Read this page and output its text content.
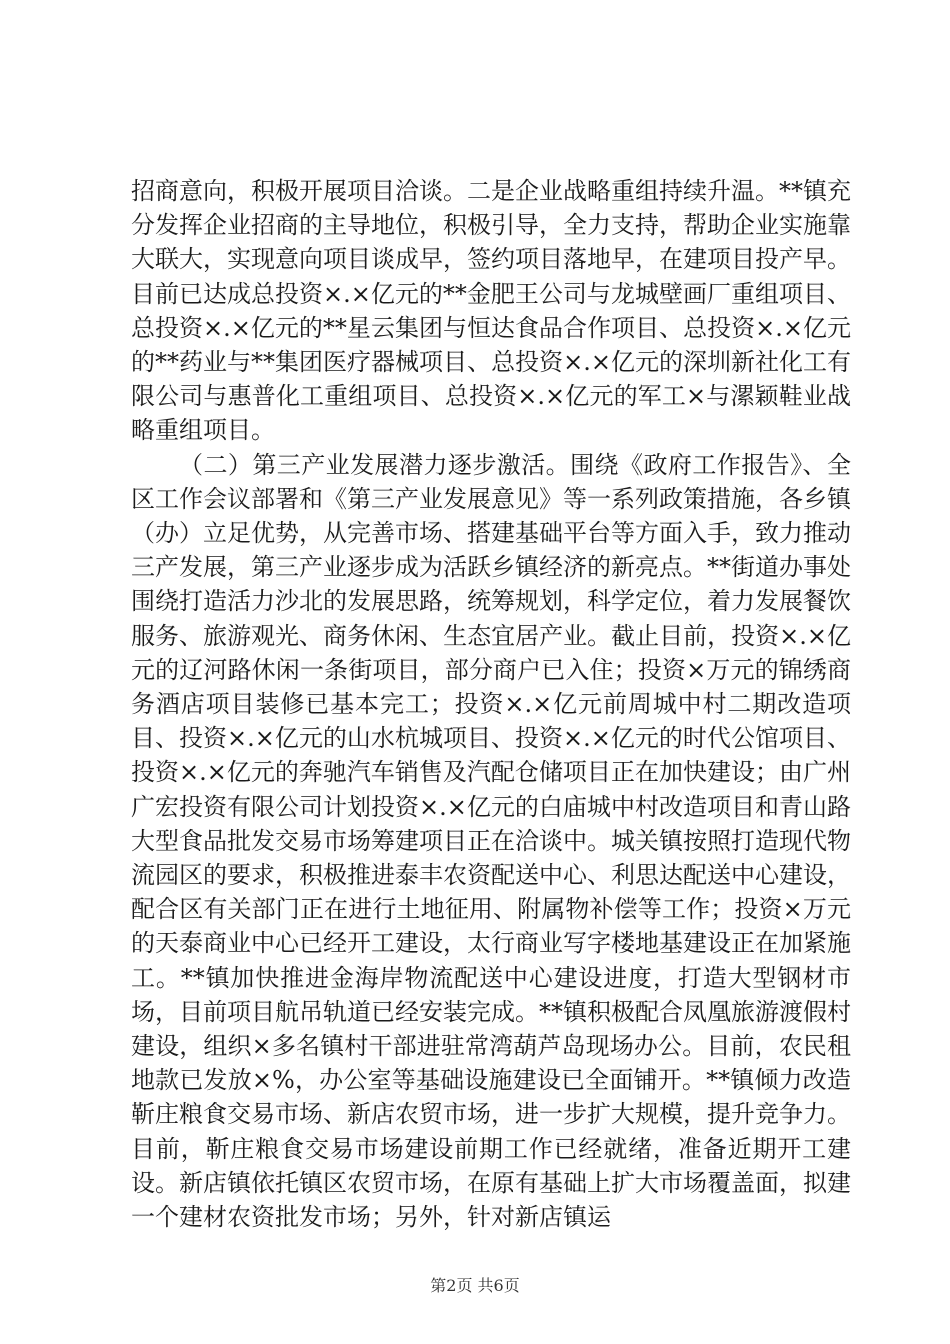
招商意向，积极开展项目洽谈。二是企业战略重组持续升温。**镇充分发挥企业招商的主导地位，积极引导，全力支持，帮助企业实施靠大联大，实现意向项目谈成早，签约项目落地早，在建项目投产早。目前已达成总投资×.×亿元的**金肥王公司与龙城壁画厂重组项目、总投资×.×亿元的**星云集团与恒达食品合作项目、总投资×.×亿元的**药业与**集团医疗器械项目、总投资×.×亿元的深圳新社化工有限公司与惠普化工重组项目、总投资×.×亿元的军工×与漯颖鞋业战略重组项目。

（二）第三产业发展潜力逐步激活。围绕《政府工作报告》、全区工作会议部署和《第三产业发展意见》等一系列政策措施，各乡镇（办）立足优势，从完善市场、搭建基础平台等方面入手，致力推动三产发展，第三产业逐步成为活跃乡镇经济的新亮点。**街道办事处围绕打造活力沙北的发展思路，统筹规划，科学定位，着力发展餐饮服务、旅游观光、商务休闲、生态宜居产业。截止目前，投资×.×亿元的辽河路休闲一条街项目，部分商户已入住；投资×万元的锦绣商务酒店项目装修已基本完工；投资×.×亿元前周城中村二期改造项目、投资×.×亿元的山水杭城项目、投资×.×亿元的时代公馆项目、投资×.×亿元的奔驰汽车销售及汽配仓储项目正在加快建设；由广州广宏投资有限公司计划投资×.×亿元的白庙城中村改造项目和青山路大型食品批发交易市场筹建项目正在洽谈中。城关镇按照打造现代物流园区的要求，积极推进泰丰农资配送中心、利思达配送中心建设，配合区有关部门正在进行土地征用、附属物补偿等工作；投资×万元的天泰商业中心已经开工建设，太行商业写字楼地基建设正在加紧施工。**镇加快推进金海岸物流配送中心建设进度，打造大型钢材市场，目前项目航吊轨道已经安装完成。**镇积极配合凤凰旅游渡假村建设，组织×多名镇村干部进驻常湾葫芦岛现场办公。目前，农民租地款已发放×%，办公室等基础设施建设已全面铺开。**镇倾力改造靳庄粮食交易市场、新店农贸市场，进一步扩大规模，提升竞争力。目前，靳庄粮食交易市场建设前期工作已经就绪，准备近期开工建设。新店镇依托镇区农贸市场，在原有基础上扩大市场覆盖面，拟建一个建材农资批发市场；另外，针对新店镇运

第2页 共6页
